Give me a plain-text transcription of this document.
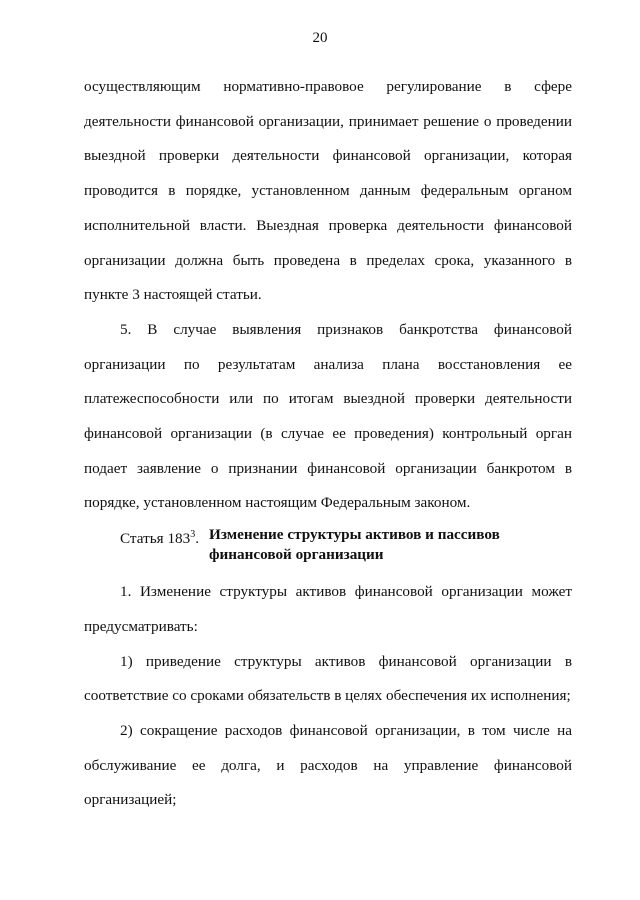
20

осуществляющим нормативно-правовое регулирование в сфере деятельности финансовой организации, принимает решение о проведении выездной проверки деятельности финансовой организации, которая проводится в порядке, установленном данным федеральным органом исполнительной власти. Выездная проверка деятельности финансовой организации должна быть проведена в пределах срока, указанного в пункте 3 настоящей статьи.

5. В случае выявления признаков банкротства финансовой организации по результатам анализа плана восстановления ее платежеспособности или по итогам выездной проверки деятельности финансовой организации (в случае ее проведения) контрольный орган подает заявление о признании финансовой организации банкротом в порядке, установленном настоящим Федеральным законом.

Статья $183^3$. Изменение структуры активов и пассивов финансовой организации

1. Изменение структуры активов финансовой организации может предусматривать:

1) приведение структуры активов финансовой организации в соответствие со сроками обязательств в целях обеспечения их исполнения;

2) сокращение расходов финансовой организации, в том числе на обслуживание ее долга, и расходов на управление финансовой организацией;
